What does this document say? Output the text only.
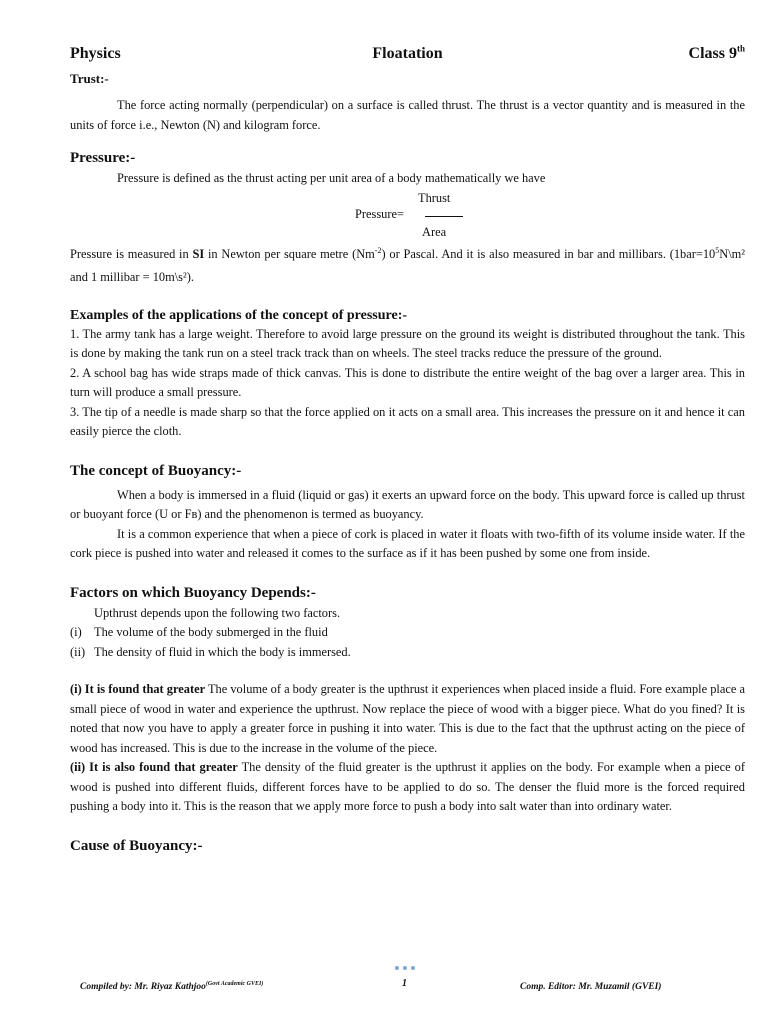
Physics	Floatation	Class 9th
Trust:-

The force acting normally (perpendicular) on a surface is called thrust. The thrust is a vector quantity and is measured in the units of force i.e., Newton (N) and kilogram force.

Pressure:-

Pressure is defined as the thrust acting per unit area of a body mathematically we have

Thrust
Pressure=
Area

Pressure is measured in SI in Newton per square metre $(Nm^{-2})$ or Pascal. And it is also measured in bar and millibars. ($1bar=10^5N\backslash m^2$ and 1 millibar = 10m\s²).

Examples of the applications of the concept of pressure:-

1. The army tank has a large weight. Therefore to avoid large pressure on the ground its weight is distributed throughout the tank. This is done by making the tank run on a steel track track than on wheels. The steel tracks reduce the pressure of the ground.

2. A school bag has wide straps made of thick canvas. This is done to distribute the entire weight of the bag over a larger area. This in turn will produce a small pressure.

3. The tip of a needle is made sharp so that the force applied on it acts on a small area. This increases the pressure on it and hence it can easily pierce the cloth.

The concept of Buoyancy:-

When a body is immersed in a fluid (liquid or gas) it exerts an upward force on the body. This upward force is called up thrust or buoyant force (U or Fʙ) and the phenomenon is termed as buoyancy.

It is a common experience that when a piece of cork is placed in water it floats with two-fifth of its volume inside water. If the cork piece is pushed into water and released it comes to the surface as if it has been pushed by some one from inside.

Factors on which Buoyancy Depends:-

Upthrust depends upon the following two factors.

(i) The volume of the body submerged in the fluid
(ii) The density of fluid in which the body is immersed.

(i) It is found that greater The volume of a body greater is the upthrust it experiences when placed inside a fluid. Fore example place a small piece of wood in water and experience the upthrust. Now replace the piece of wood with a bigger piece. What do you fined? It is noted that now you have to apply a greater force in pushing it into water. This is due to the fact that the upthrust acting on the piece of wood has increased. This is due to the increase in the volume of the piece.

(ii) It is also found that greater The density of the fluid greater is the upthrust it applies on the body. For example when a piece of wood is pushed into different fluids, different forces have to be applied to do so. The denser the fluid more is the forced required pushing a body into it. This is the reason that we apply more force to push a body into salt water than into ordinary water.

Cause of Buoyancy:-
Compiled by: Mr. Riyaz Kathjoo$^{(Govt Academic GVEI)}$	1	Comp. Editor: Mr. Muzamil (GVEI)
